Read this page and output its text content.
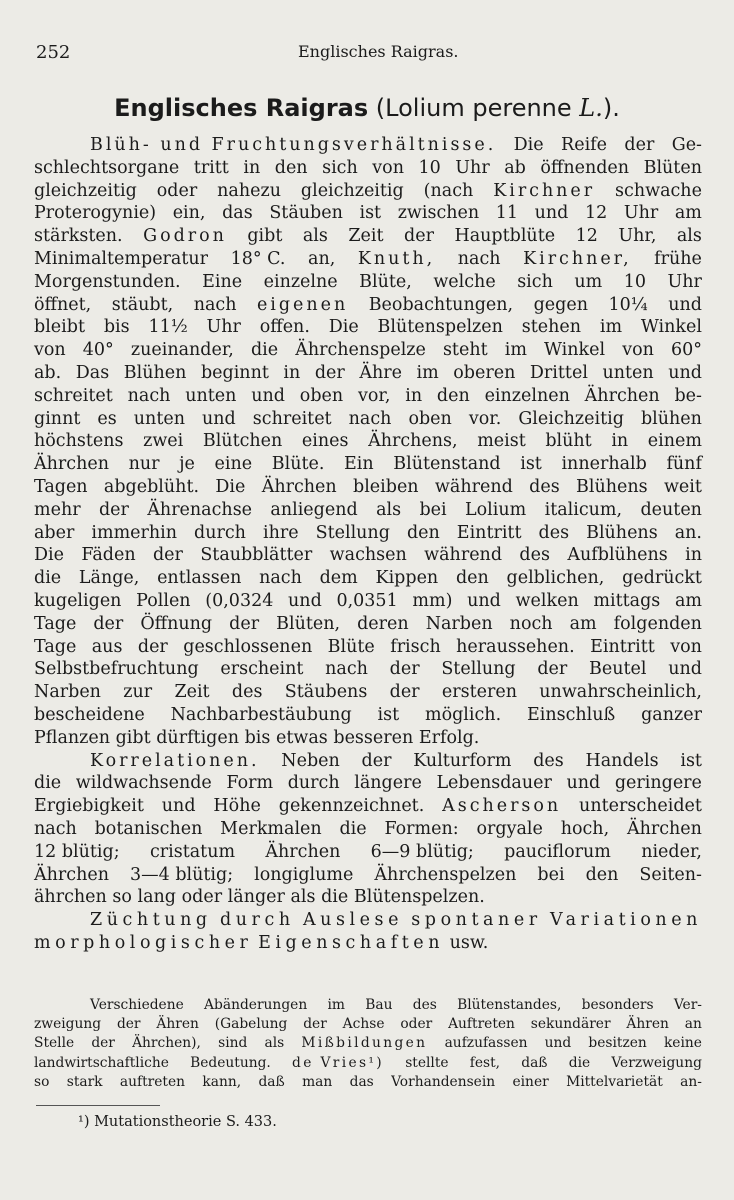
252	Englisches Raigras.
Englisches Raigras (Lolium perenne L.).
Blüh- und Fruchtungsverhältnisse. Die Reife der Ge-
schlechtsorgane tritt in den sich von 10 Uhr ab öffnenden Blüten
gleichzeitig oder nahezu gleichzeitig (nach Kirchner schwache
Proterogynie) ein, das Stäuben ist zwischen 11 und 12 Uhr am
stärksten. Godron gibt als Zeit der Hauptblüte 12 Uhr, als
Minimaltemperatur 18° C. an, Knuth, nach Kirchner, frühe
Morgenstunden. Eine einzelne Blüte, welche sich um 10 Uhr
öffnet, stäubt, nach eigenen Beobachtungen, gegen 10¼ und
bleibt bis 11½ Uhr offen. Die Blütenspelzen stehen im Winkel
von 40° zueinander, die Ährchenspelze steht im Winkel von 60°
ab. Das Blühen beginnt in der Ähre im oberen Drittel unten und
schreitet nach unten und oben vor, in den einzelnen Ährchen be-
ginnt es unten und schreitet nach oben vor. Gleichzeitig blühen
höchstens zwei Blütchen eines Ährchens, meist blüht in einem
Ährchen nur je eine Blüte. Ein Blütenstand ist innerhalb fünf
Tagen abgeblüht. Die Ährchen bleiben während des Blühens weit
mehr der Ährenachse anliegend als bei Lolium italicum, deuten
aber immerhin durch ihre Stellung den Eintritt des Blühens an.
Die Fäden der Staubblätter wachsen während des Aufblühens in
die Länge, entlassen nach dem Kippen den gelblichen, gedrückt
kugeligen Pollen (0,0324 und 0,0351 mm) und welken mittags am
Tage der Öffnung der Blüten, deren Narben noch am folgenden
Tage aus der geschlossenen Blüte frisch heraussehen. Eintritt von
Selbstbefruchtung erscheint nach der Stellung der Beutel und
Narben zur Zeit des Stäubens der ersteren unwahrscheinlich,
bescheidene Nachbarbestäubung ist möglich. Einschluß ganzer
Pflanzen gibt dürftigen bis etwas besseren Erfolg.
Korrelationen. Neben der Kulturform des Handels ist
die wildwachsende Form durch längere Lebensdauer und geringere
Ergiebigkeit und Höhe gekennzeichnet. Ascherson unterscheidet
nach botanischen Merkmalen die Formen: orgyale hoch, Ährchen
12 blütig; cristatum Ährchen 6—9 blütig; pauciflorum nieder,
Ährchen 3—4 blütig; longiglume Ährchenspelzen bei den Seiten-
ährchen so lang oder länger als die Blütenspelzen.
Züchtung durch Auslese spontaner Variationen
morphologischer Eigenschaften usw.
Verschiedene Abänderungen im Bau des Blütenstandes, besonders Ver-
zweigung der Ähren (Gabelung der Achse oder Auftreten sekundärer Ähren an
Stelle der Ährchen), sind als Mißbildungen aufzufassen und besitzen keine
landwirtschaftliche Bedeutung. de Vries¹) stellte fest, daß die Verzweigung
so stark auftreten kann, daß man das Vorhandensein einer Mittelvarietät an-
¹) Mutationstheorie S. 433.
